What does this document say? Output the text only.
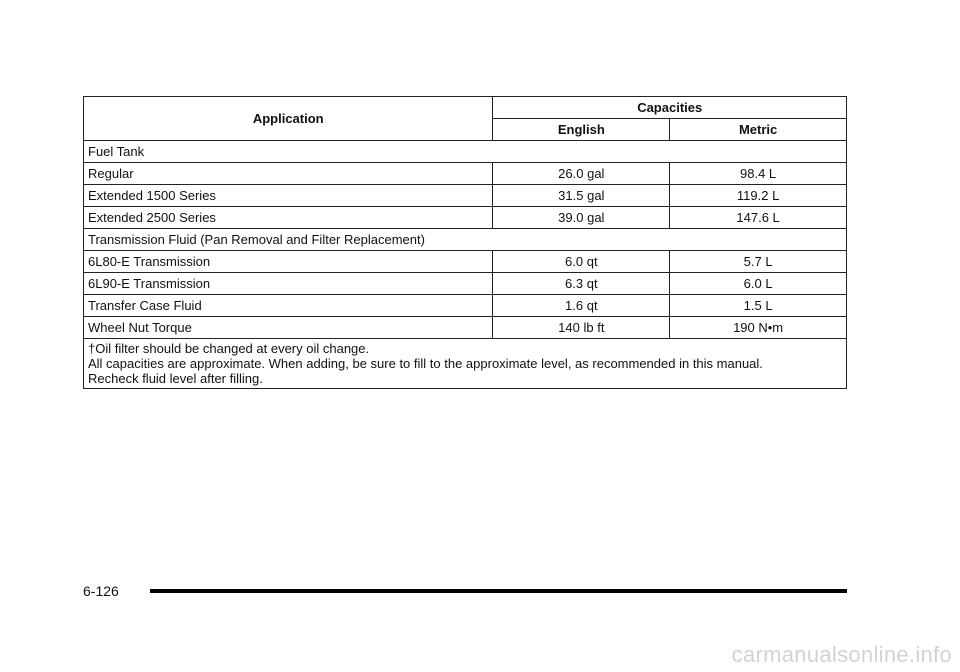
Application	Capacities	
	English	Metric
Fuel Tank		
Regular	26.0 gal	98.4 L
Extended 1500 Series	31.5 gal	119.2 L
Extended 2500 Series	39.0 gal	147.6 L
Transmission Fluid (Pan Removal and Filter Replacement)		
6L80-E Transmission	6.0 qt	5.7 L
6L90-E Transmission	6.3 qt	6.0 L
Transfer Case Fluid	1.6 qt	1.5 L
Wheel Nut Torque	140 lb ft	190 N•m

†Oil filter should be changed at every oil change.
All capacities are approximate. When adding, be sure to fill to the approximate level, as recommended in this manual.
Recheck fluid level after filling.		
6-126
carmanualsonline.info
